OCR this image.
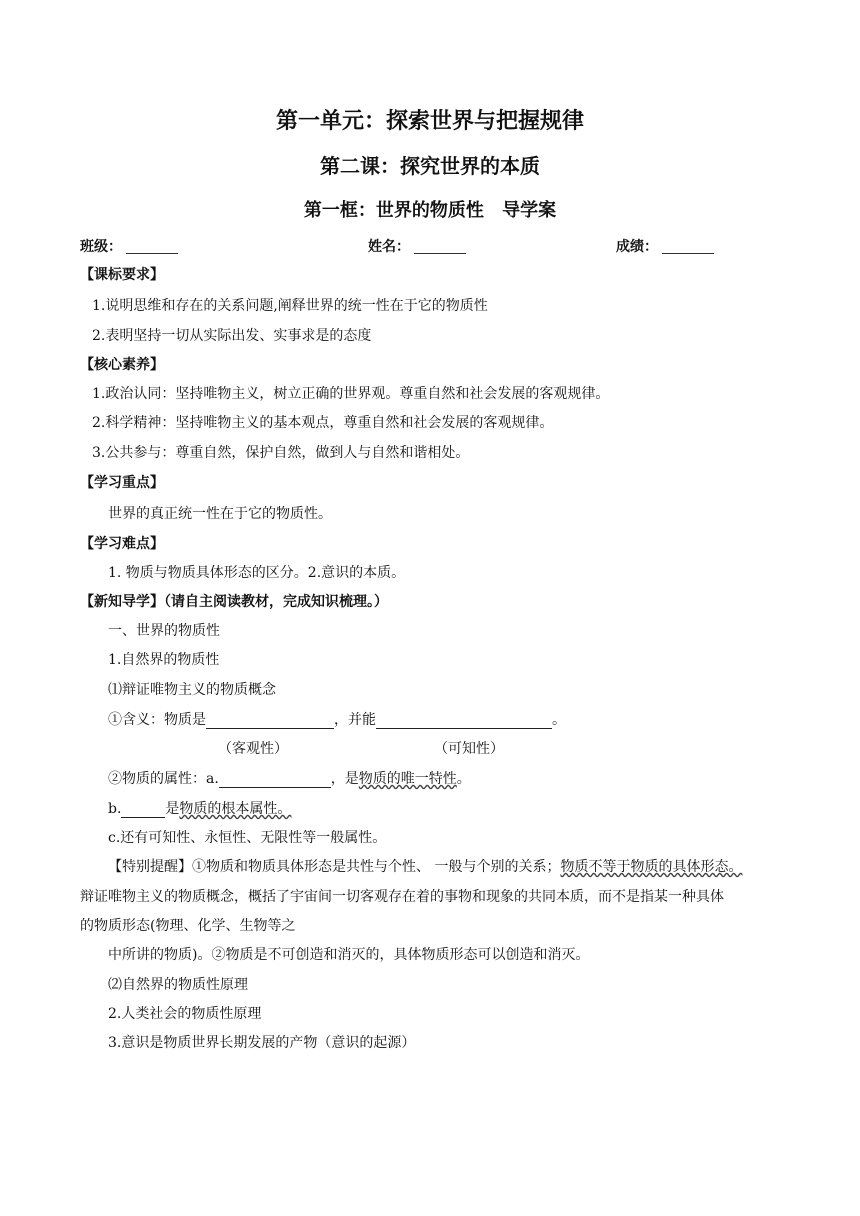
第一单元：探索世界与把握规律
第二课：探究世界的本质
第一框：世界的物质性 导学案
班级：	姓名：	成绩：
【课标要求】
1.说明思维和存在的关系问题,阐释世界的统一性在于它的物质性
2.表明坚持一切从实际出发、实事求是的态度
【核心素养】
1.政治认同：坚持唯物主义，树立正确的世界观。尊重自然和社会发展的客观规律。
2.科学精神：坚持唯物主义的基本观点，尊重自然和社会发展的客观规律。
3.公共参与：尊重自然，保护自然，做到人与自然和谐相处。
【学习重点】
世界的真正统一性在于它的物质性。
【学习难点】
1. 物质与物质具体形态的区分。2.意识的本质。
【新知导学】（请自主阅读教材，完成知识梳理。）
一、世界的物质性
1.自然界的物质性
⑴辩证唯物主义的物质概念
①含义：物质是	，并能	。
（客观性）	（可知性）
②物质的属性：a.	，是物质的唯一特性。
b.	是物质的根本属性。
c.还有可知性、永恒性、无限性等一般属性。
【特别提醒】①物质和物质具体形态是共性与个性、 一般与个别的关系；物质不等于物质的具体形态。
辩证唯物主义的物质概念，概括了宇宙间一切客观存在着的事物和现象的共同本质，而不是指某一种具体
的物质形态(物理、化学、生物等之
中所讲的物质)。②物质是不可创造和消灭的，具体物质形态可以创造和消灭。
⑵自然界的物质性原理
2.人类社会的物质性原理
3.意识是物质世界长期发展的产物（意识的起源）
